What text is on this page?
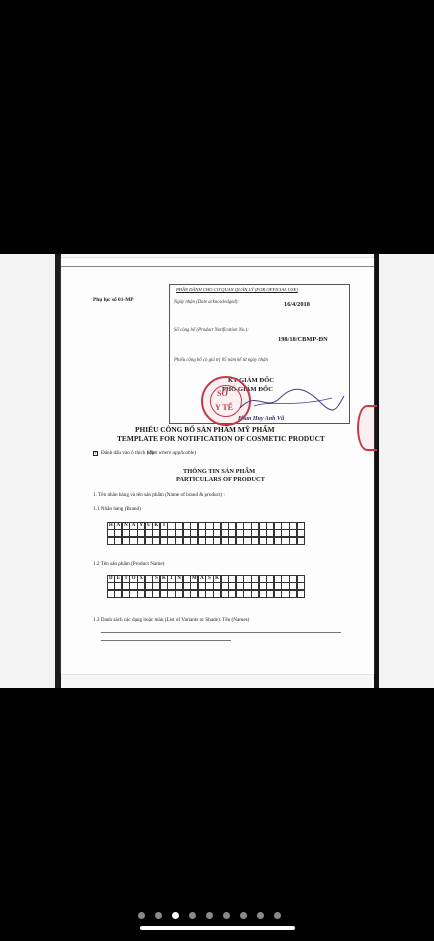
Phụ lục số 01-MP
PHẦN DÀNH CHO CƠ QUAN QUẢN LÝ (FOR OFFICIAL USE)
Ngày nhận (Date acknowledged):	16/4/2018
Số công bố (Product Notification No.):
198/18/CBMP-ĐN
Phiếu công bố có giá trị 05 năm kể từ ngày nhận
KT GIÁM ĐỐC
PHÓ GIÁM ĐỐC
Phan Huy Anh Vũ
SỞ
Y TẾ
PHIẾU CÔNG BỐ SẢN PHẨM MỸ PHẨM
TEMPLATE FOR NOTIFICATION OF COSMETIC PRODUCT
✓
Đánh dấu vào ô thích hợp
(Tick where applicable)
THÔNG TIN SẢN PHẨM
PARTICULARS OF PRODUCT
1. Tên nhãn hàng và tên sản phẩm (Name of brand & product) :
1.1 Nhãn hàng (Brand)
H A N A Y U K I
1.2 Tên sản phẩm (Product Name)
D E T O X	S K I N	M A S K
1.3 Danh sách các dạng hoặc màu (List of Variants or Shade). Tên (Names)
